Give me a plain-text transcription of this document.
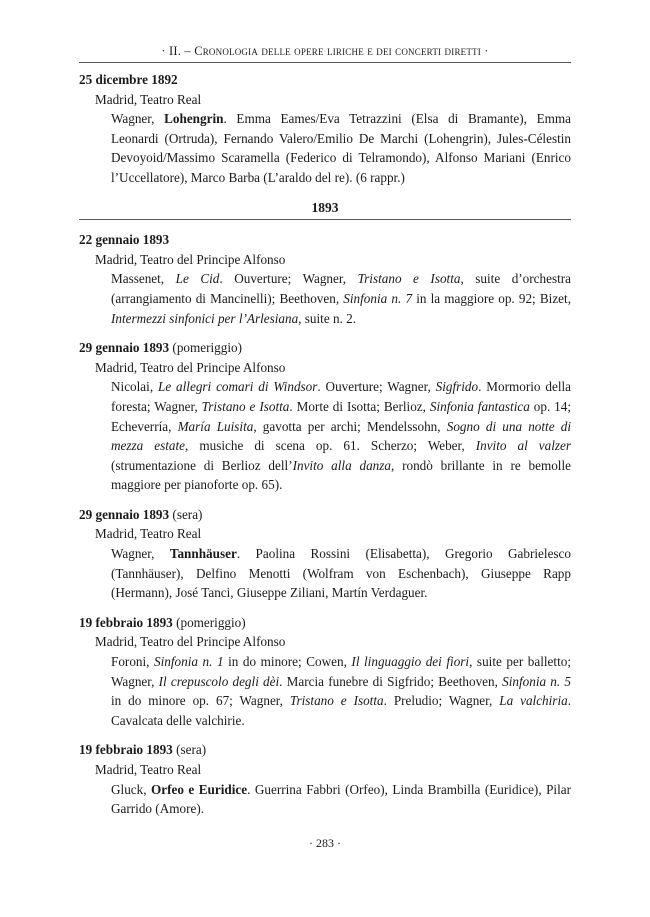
· II. – Cronologia delle opere liriche e dei concerti diretti ·
25 dicembre 1892
Madrid, Teatro Real
Wagner, Lohengrin. Emma Eames/Eva Tetrazzini (Elsa di Bramante), Emma Leonardi (Ortruda), Fernando Valero/Emilio De Marchi (Lohengrin), Jules-Célestin Devoyoid/Massimo Scaramella (Federico di Telramondo), Alfonso Mariani (Enrico l’Uccellatore), Marco Barba (L’araldo del re). (6 rappr.)
1893
22 gennaio 1893
Madrid, Teatro del Principe Alfonso
Massenet, Le Cid. Ouverture; Wagner, Tristano e Isotta, suite d’orchestra (arrangiamento di Mancinelli); Beethoven, Sinfonia n. 7 in la maggiore op. 92; Bizet, Intermezzi sinfonici per l’Arlesiana, suite n. 2.
29 gennaio 1893 (pomeriggio)
Madrid, Teatro del Principe Alfonso
Nicolai, Le allegri comari di Windsor. Ouverture; Wagner, Sigfrido. Mormorio della foresta; Wagner, Tristano e Isotta. Morte di Isotta; Berlioz, Sinfonia fantastica op. 14; Echeverría, María Luisita, gavotta per archi; Mendelssohn, Sogno di una notte di mezza estate, musiche di scena op. 61. Scherzo; Weber, Invito al valzer (strumentazione di Berlioz dell’Invito alla danza, rondò brillante in re bemolle maggiore per pianoforte op. 65).
29 gennaio 1893 (sera)
Madrid, Teatro Real
Wagner, Tannhäuser. Paolina Rossini (Elisabetta), Gregorio Gabrielesco (Tannhäuser), Delfino Menotti (Wolfram von Eschenbach), Giuseppe Rapp (Hermann), José Tanci, Giuseppe Ziliani, Martín Verdaguer.
19 febbraio 1893 (pomeriggio)
Madrid, Teatro del Principe Alfonso
Foroni, Sinfonia n. 1 in do minore; Cowen, Il linguaggio dei fiori, suite per balletto; Wagner, Il crepuscolo degli dèi. Marcia funebre di Sigfrido; Beethoven, Sinfonia n. 5 in do minore op. 67; Wagner, Tristano e Isotta. Preludio; Wagner, La valchiria. Cavalcata delle valchirie.
19 febbraio 1893 (sera)
Madrid, Teatro Real
Gluck, Orfeo e Euridice. Guerrina Fabbri (Orfeo), Linda Brambilla (Euridice), Pilar Garrido (Amore).
· 283 ·
